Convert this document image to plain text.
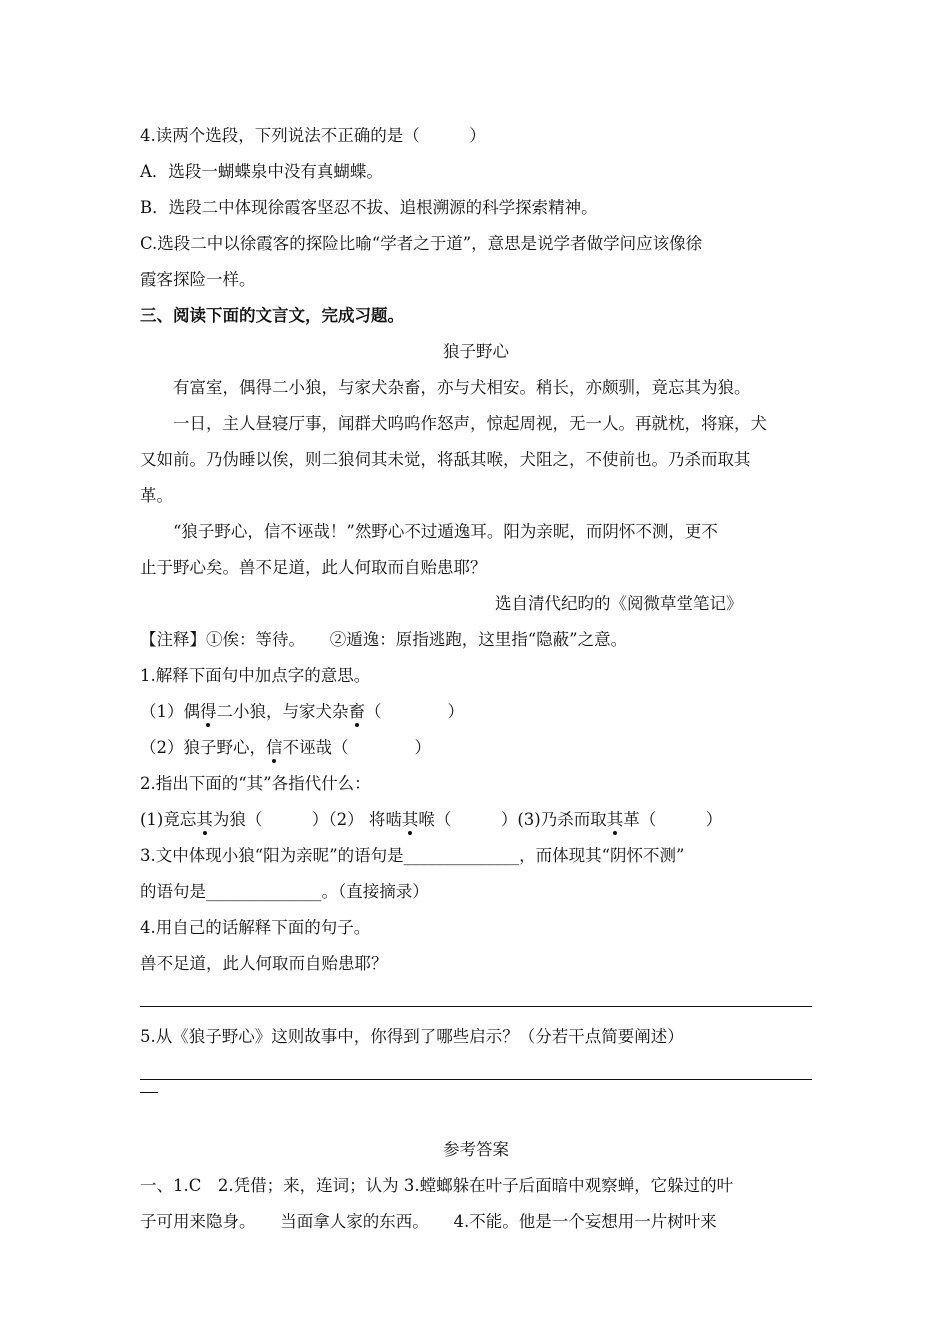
4.读两个选段，下列说法不正确的是（　　　）
A．选段一蝴蝶泉中没有真蝴蝶。
B．选段二中体现徐霞客坚忍不拔、追根溯源的科学探索精神。
C.选段二中以徐霞客的探险比喻“学者之于道”，意思是说学者做学问应该像徐
霞客探险一样。
三、阅读下面的文言文，完成习题。
狼子野心
有富室，偶得二小狼，与家犬杂畜，亦与犬相安。稍长，亦颇驯，竟忘其为狼。
一日，主人昼寝厅事，闻群犬呜呜作怒声，惊起周视，无一人。再就枕，将寐，犬
又如前。乃伪睡以俟，则二狼伺其未觉，将舐其喉，犬阻之，不使前也。乃杀而取其
革。
“狼子野心，信不诬哉！”然野心不过遁逸耳。阳为亲昵，而阴怀不测，更不
止于野心矣。兽不足道，此人何取而自贻患耶？
选自清代纪昀的《阅微草堂笔记》
【注释】①俟：等待。　　②遁逸：原指逃跑，这里指“隐蔽”之意。
1.解释下面句中加点字的意思。
（1）偶得二小狼，与家犬杂畜（　　　　）
（2）狼子野心，信不诬哉（　　　　）
2.指出下面的“其”各指代什么：
(1)竟忘其为狼（　　　）（2） 将啮其喉（　　　）(3)乃杀而取其革（　　　）
3.文中体现小狼“阳为亲昵”的语句是______________，而体现其“阴怀不测”
的语句是______________。（直接摘录）
4.用自己的话解释下面的句子。
兽不足道，此人何取而自贻患耶？
5.从《狼子野心》这则故事中，你得到了哪些启示？（分若干点简要阐述）
参考答案
一、1.C　2.凭借；来，连词；认为 3.螳螂躲在叶子后面暗中观察蝉，它躲过的叶
子可用来隐身。　　当面拿人家的东西。　　4.不能。他是一个妄想用一片树叶来
